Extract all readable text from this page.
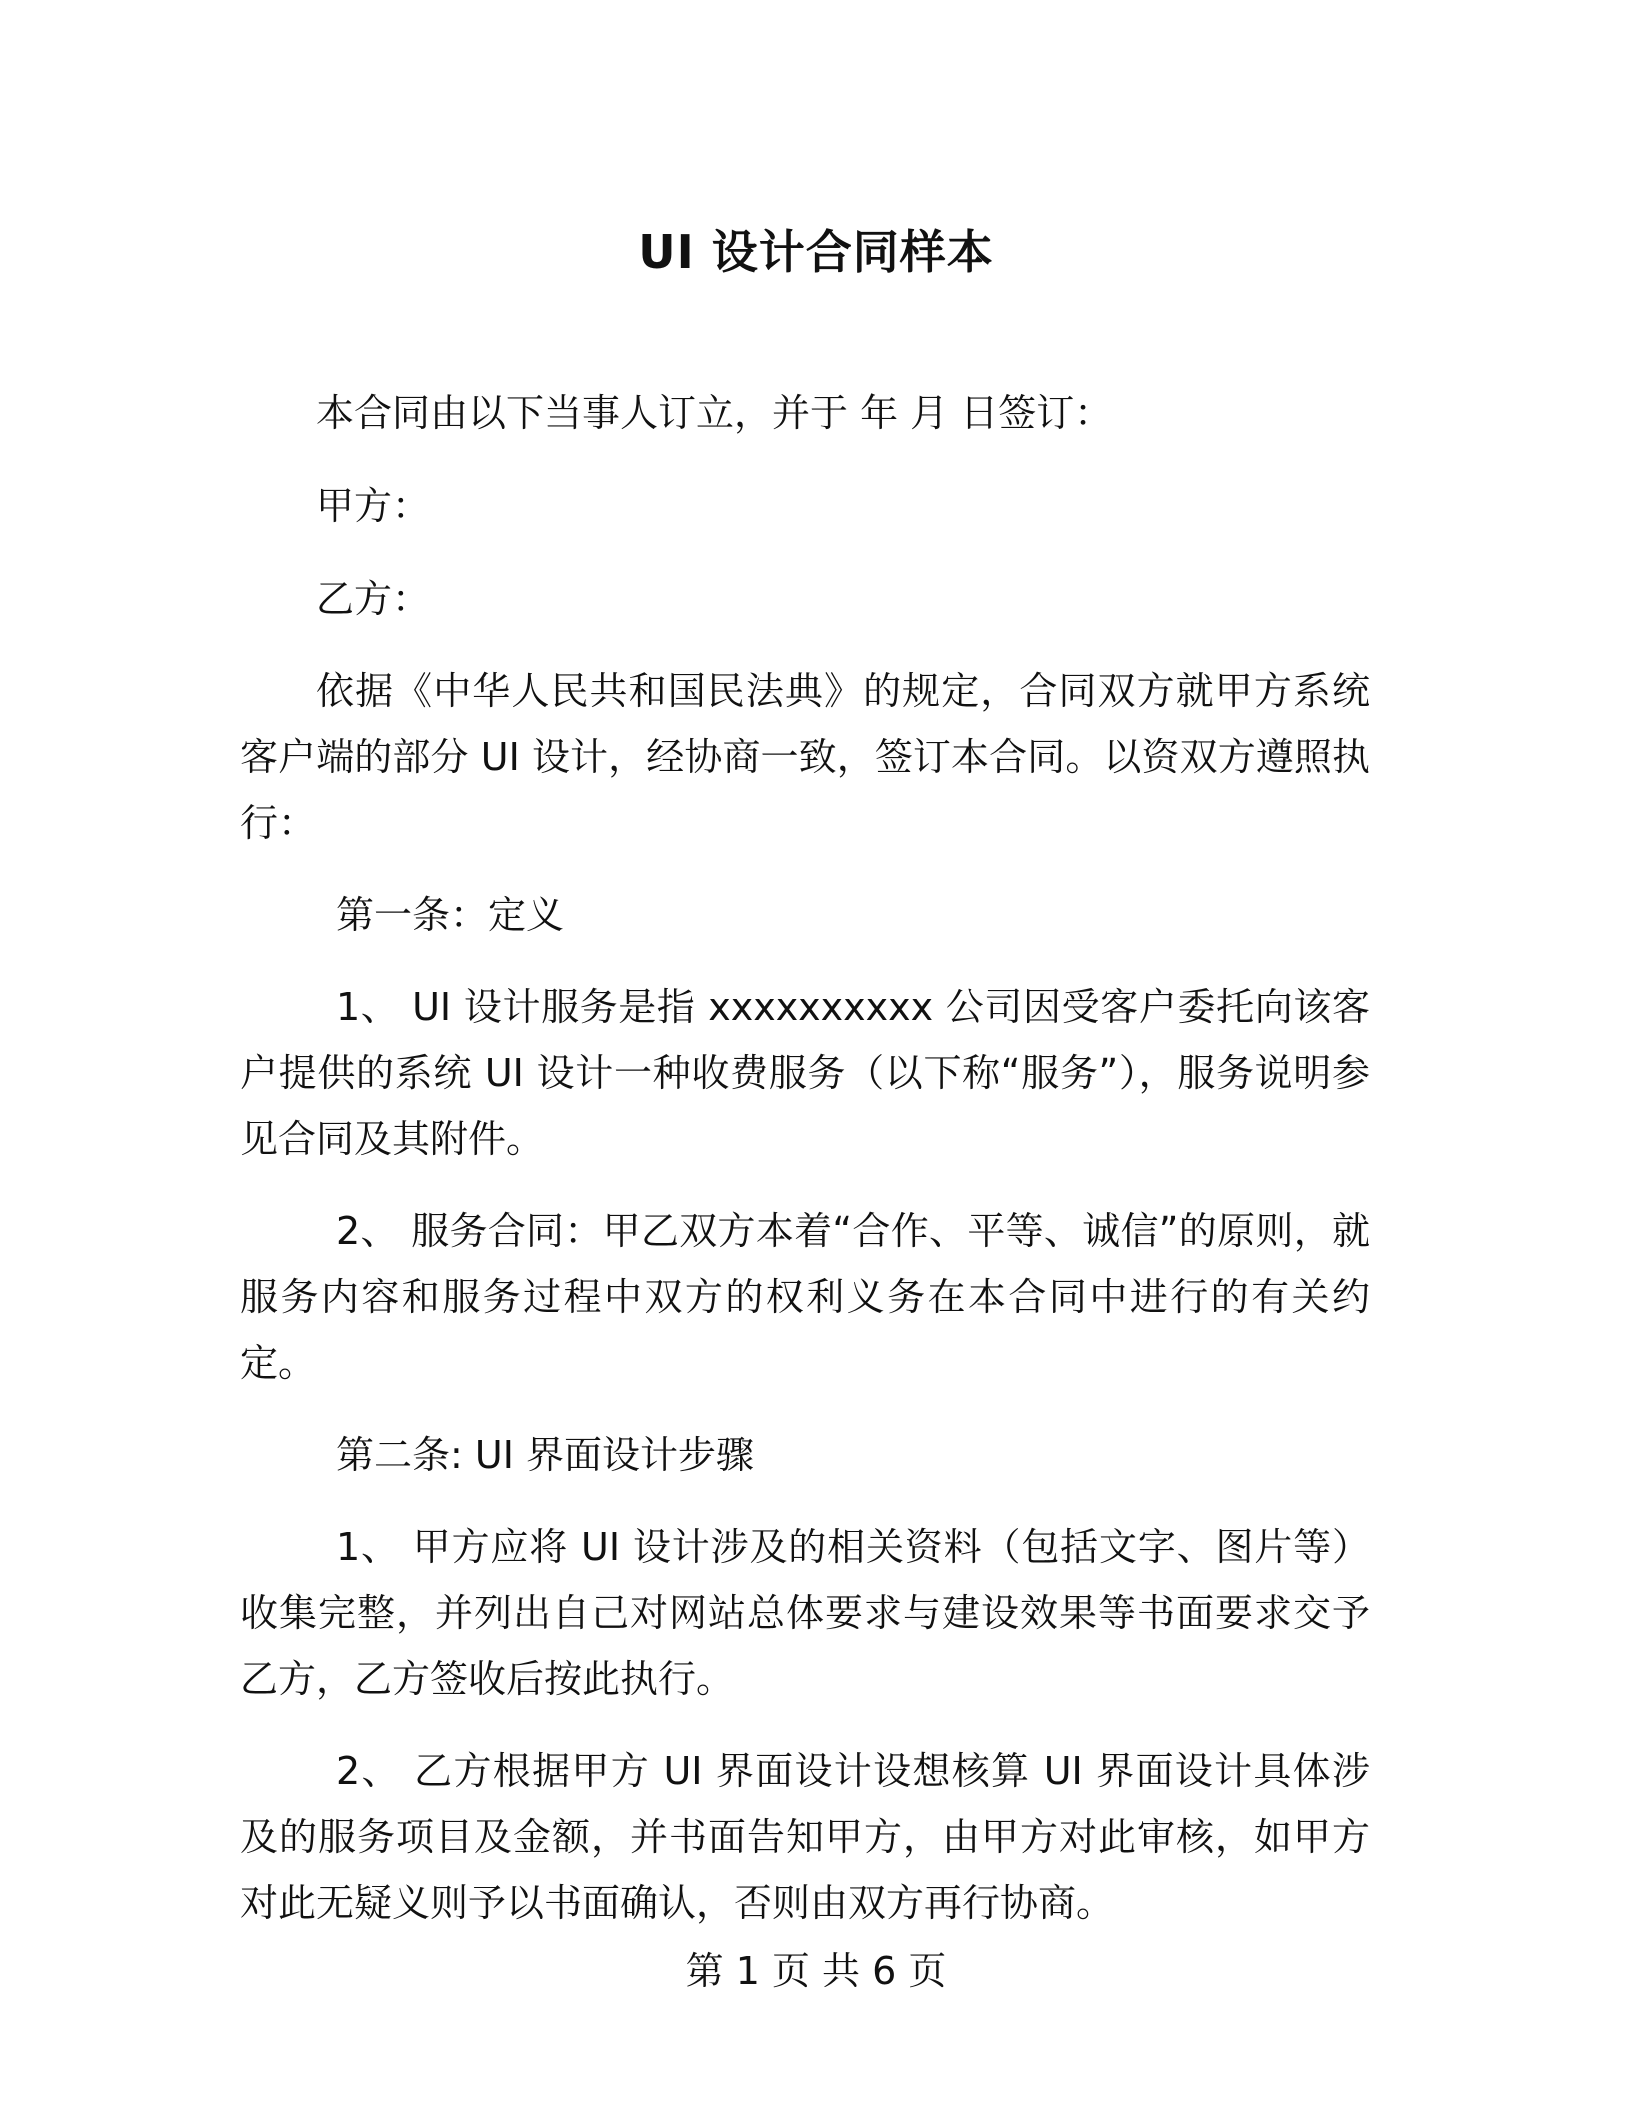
UI 设计合同样本

本合同由以下当事人订立，并于 年 月 日签订：

甲方：

乙方：

依据《中华人民共和国民法典》的规定，合同双方就甲方系统客户端的部分 UI 设计，经协商一致，签订本合同。以资双方遵照执行：

第一条：定义

1、 UI 设计服务是指 xxxxxxxxxx 公司因受客户委托向该客户提供的系统 UI 设计一种收费服务（以下称“服务”），服务说明参见合同及其附件。

2、 服务合同：甲乙双方本着“合作、平等、诚信”的原则，就服务内容和服务过程中双方的权利义务在本合同中进行的有关约定。

第二条: UI 界面设计步骤

1、 甲方应将 UI 设计涉及的相关资料（包括文字、图片等）收集完整，并列出自己对网站总体要求与建设效果等书面要求交予乙方，乙方签收后按此执行。

2、 乙方根据甲方 UI 界面设计设想核算 UI 界面设计具体涉及的服务项目及金额，并书面告知甲方，由甲方对此审核，如甲方对此无疑义则予以书面确认，否则由双方再行协商。

第 1 页 共 6 页
